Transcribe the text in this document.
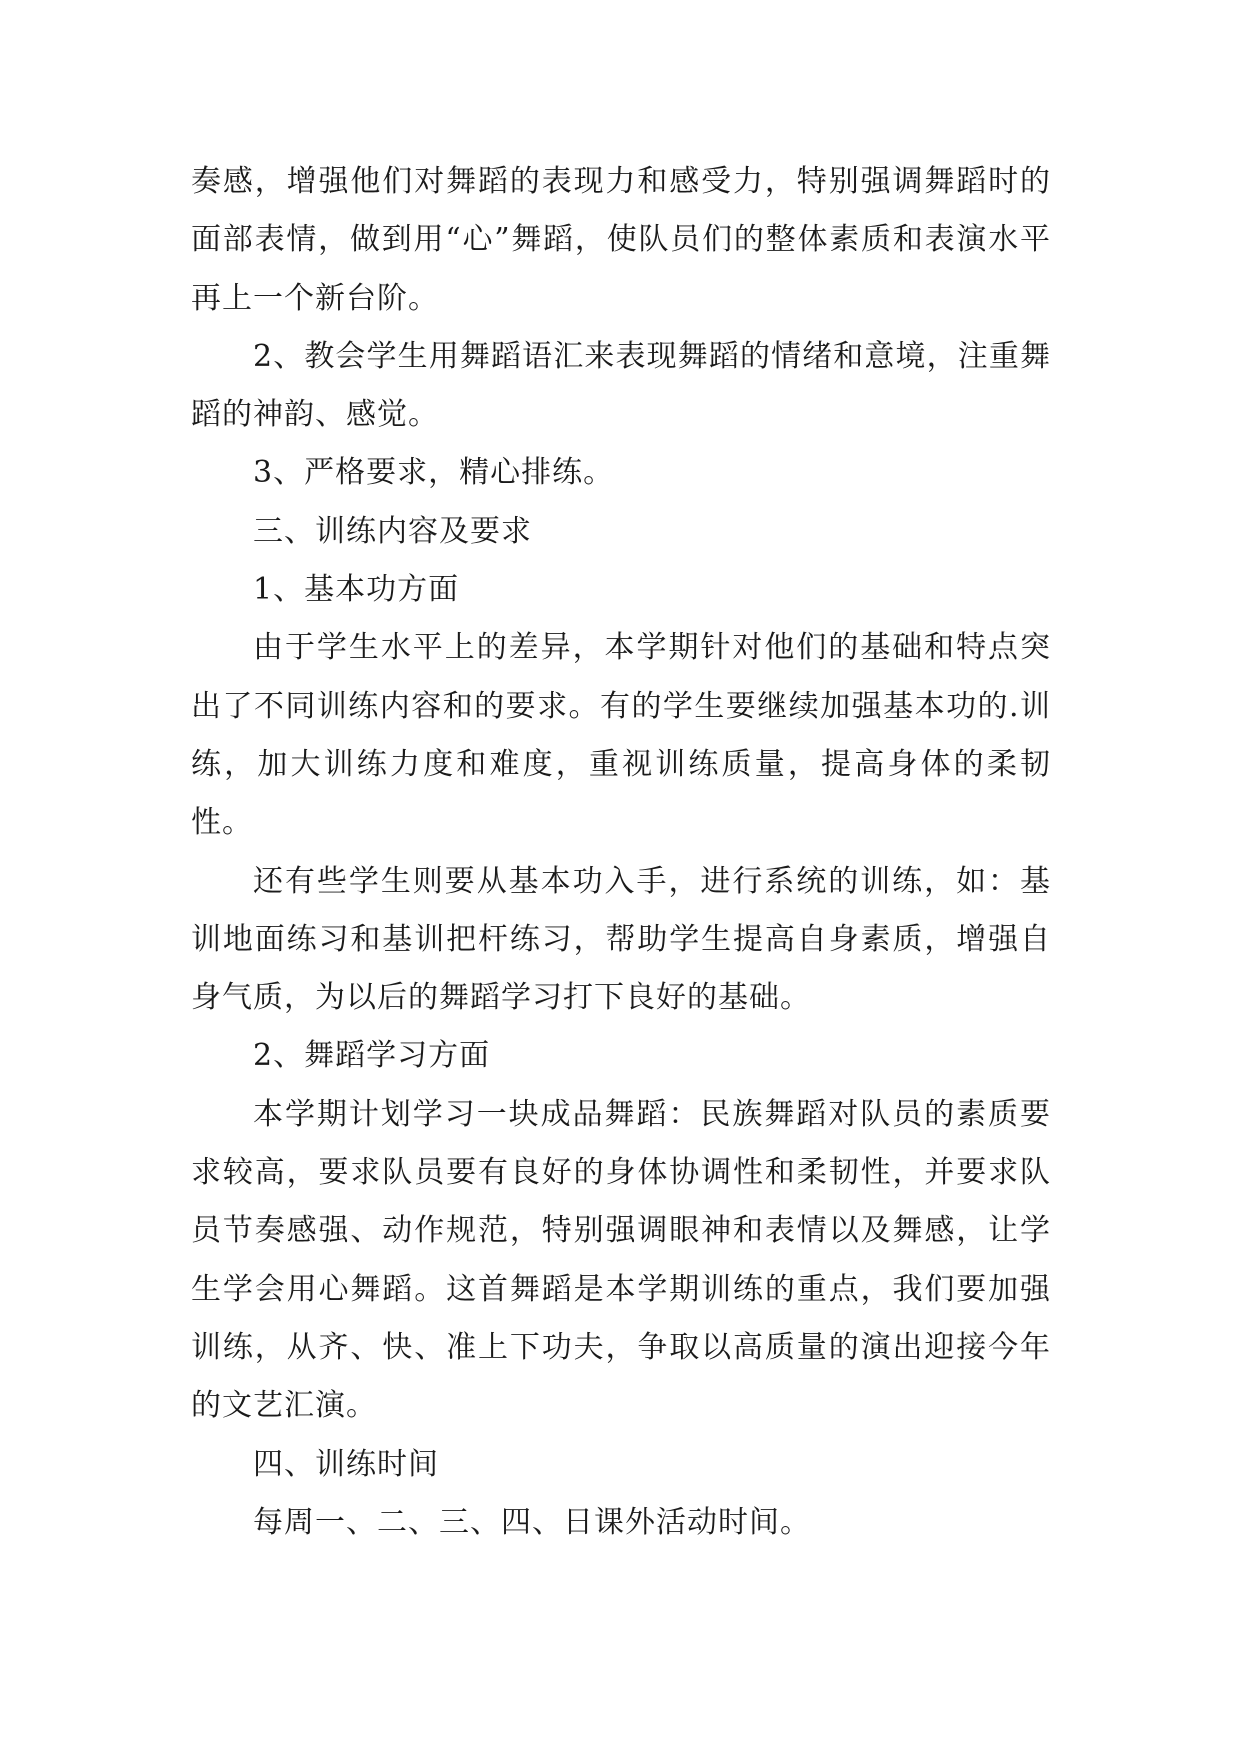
奏感，增强他们对舞蹈的表现力和感受力，特别强调舞蹈时的面部表情，做到用“心”舞蹈，使队员们的整体素质和表演水平再上一个新台阶。

2、教会学生用舞蹈语汇来表现舞蹈的情绪和意境，注重舞蹈的神韵、感觉。

3、严格要求，精心排练。

三、训练内容及要求

1、基本功方面

由于学生水平上的差异，本学期针对他们的基础和特点突出了不同训练内容和的要求。有的学生要继续加强基本功的.训练，加大训练力度和难度，重视训练质量，提高身体的柔韧性。

还有些学生则要从基本功入手，进行系统的训练，如：基训地面练习和基训把杆练习，帮助学生提高自身素质，增强自身气质，为以后的舞蹈学习打下良好的基础。

2、舞蹈学习方面

本学期计划学习一块成品舞蹈：民族舞蹈对队员的素质要求较高，要求队员要有良好的身体协调性和柔韧性，并要求队员节奏感强、动作规范，特别强调眼神和表情以及舞感，让学生学会用心舞蹈。这首舞蹈是本学期训练的重点，我们要加强训练，从齐、快、准上下功夫，争取以高质量的演出迎接今年的文艺汇演。

四、训练时间

每周一、二、三、四、日课外活动时间。
